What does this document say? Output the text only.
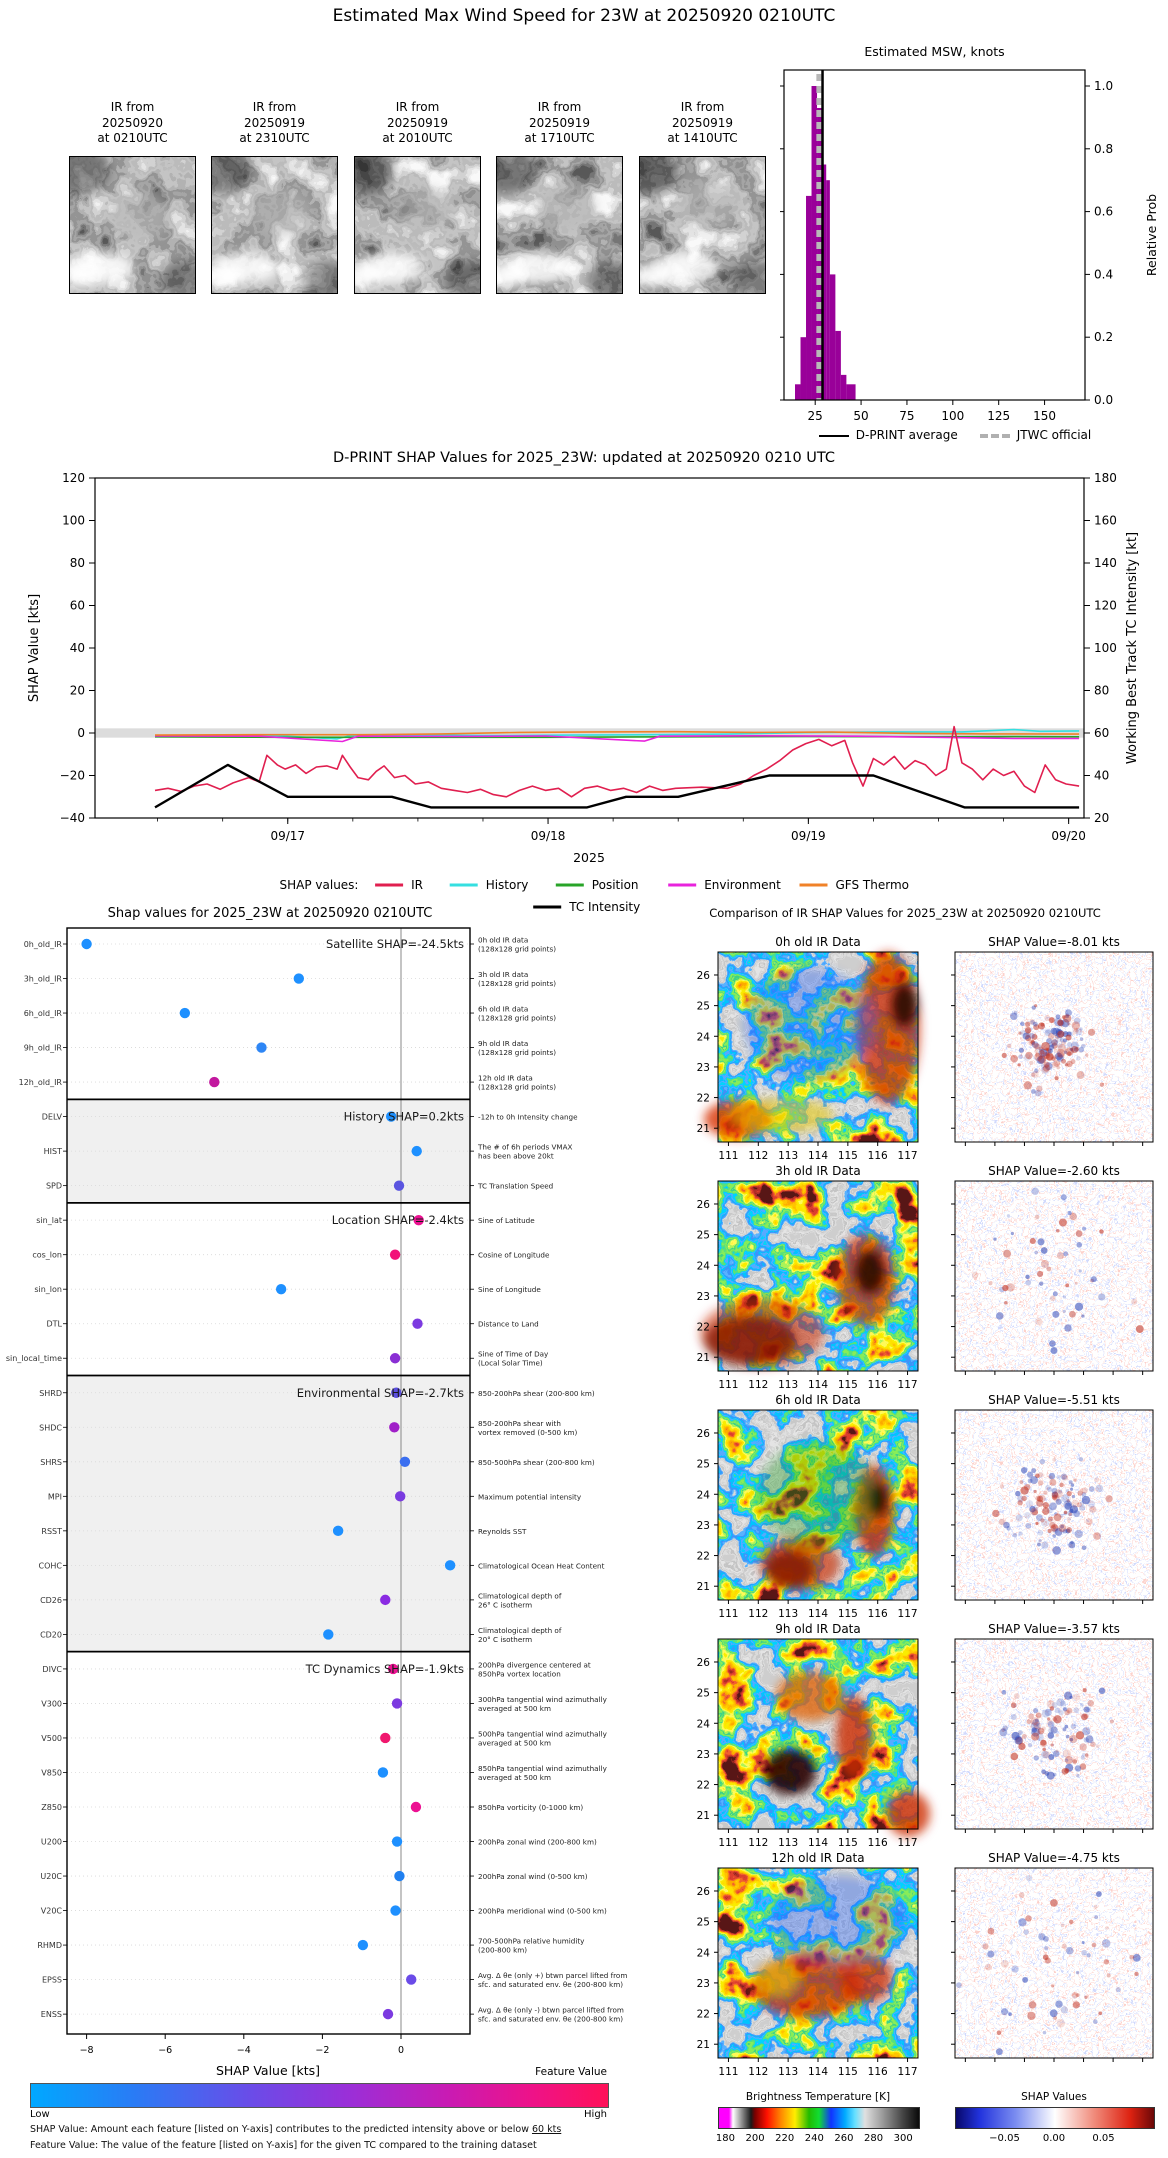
Estimated Max Wind Speed for 23W at 20250920 0210UTC
IR from
20250920
at 0210UTC
IR from
20250919
at 2310UTC
IR from
20250919
at 2010UTC
IR from
20250919
at 1710UTC
IR from
20250919
at 1410UTC
Estimated MSW, knots
25	50	75 100 125 150
0.0
0.2
0.4
0.6
0.8
1.0
Relative Prob
D-PRINT average	JTWC official
D-PRINT SHAP Values for 2025_23W: updated at 20250920 0210 UTC
09/17	09/18	09/19	09/20
120
100
80
60
40
20
0
−20
−40
180
160
140
120
100
80
60
40
20
SHAP Value [kts]	Working Best Track TC Intensity [kt]
2025
SHAP values:	IR	History	Position	Environment	GFS Thermo
TC Intensity
Shap values for 2025_23W at 20250920 0210UTC
0h_old_IR	0h old IR data
(128x128 grid points)
3h_old_IR	3h old IR data
(128x128 grid points)
6h_old_IR	6h old IR data
(128x128 grid points)
9h_old_IR	9h old IR data
(128x128 grid points)
12h_old_IR	12h old IR data
(128x128 grid points)
DELV	-12h to 0h Intensity change
HIST	The # of 6h periods VMAX
has been above 20kt
SPD	TC Translation Speed
sin_lat	Sine of Latitude
cos_lon	Cosine of Longitude
sin_lon	Sine of Longitude
DTL	Distance to Land
sin_local_time	Sine of Time of Day
(Local Solar Time)
SHRD	850-200hPa shear (200-800 km)
SHDC	850-200hPa shear with
vortex removed (0-500 km)
SHRS	850-500hPa shear (200-800 km)
MPI	Maximum potential intensity
RSST	Reynolds SST
COHC	Climatological Ocean Heat Content
CD26	Climatological depth of
26° C isotherm
CD20	Climatological depth of
20° C isotherm
DIVC	200hPa divergence centered at
850hPa vortex location
V300	300hPa tangential wind azimuthally
averaged at 500 km
V500	500hPa tangential wind azimuthally
averaged at 500 km
V850	850hPa tangential wind azimuthally
averaged at 500 km
Z850	850hPa vorticity (0-1000 km)
U200	200hPa zonal wind (200-800 km)
U20C	200hPa zonal wind (0-500 km)
V20C	200hPa meridional wind (0-500 km)
RHMD	700-500hPa relative humidity
(200-800 km)
EPSS	Avg. Δ θe (only +) btwn parcel lifted from
sfc. and saturated env. θe (200-800 km)
ENSS	Avg. Δ θe (only -) btwn parcel lifted from
sfc. and saturated env. θe (200-800 km)
Satellite SHAP=-24.5kts
History SHAP=0.2kts
Location SHAP=-2.4kts
Environmental SHAP=-2.7kts
TC Dynamics SHAP=-1.9kts
−8	−6	−4	−2	0
SHAP Value [kts]	Feature Value
Low	High
SHAP Value: Amount each feature [listed on Y-axis] contributes to the predicted intensity above or below 60 kts
Feature Value: The value of the feature [listed on Y-axis] for the given TC compared to the training dataset
Comparison of IR SHAP Values for 2025_23W at 20250920 0210UTC
0h old IR Data	SHAP Value=-8.01 kts
26
25
24
23
22
21
111 112 113 114 115 116 117
3h old IR Data	SHAP Value=-2.60 kts
26
25
24
23
22
21
111 112 113 114 115 116 117
6h old IR Data	SHAP Value=-5.51 kts
26
25
24
23
22
21
111 112 113 114 115 116 117
9h old IR Data	SHAP Value=-3.57 kts
26
25
24
23
22
21
111 112 113 114 115 116 117
12h old IR Data	SHAP Value=-4.75 kts
26
25
24
23
22
21
111 112 113 114 115 116 117
Brightness Temperature [K]
180 200 220 240 260 280 300
SHAP Values
−0.05 0.00	0.05
